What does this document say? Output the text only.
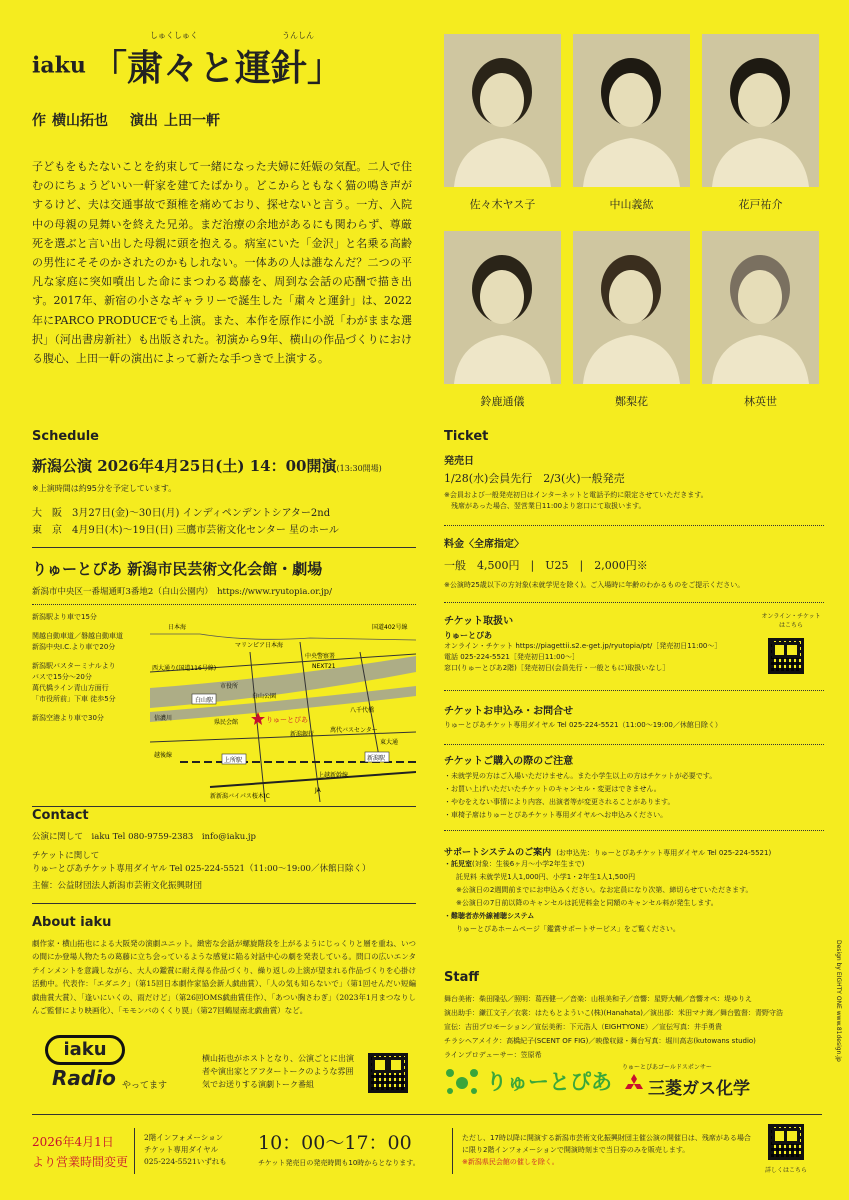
iaku 「粛々と運針」
しゅくしゅく	うんしん
作 横山拓也 演出 上田一軒
子どもをもたないことを約束して一緒になった夫婦に妊娠の気配。二人で住むのにちょうどいい一軒家を建てたばかり。どこからともなく猫の鳴き声がするけど、夫は交通事故で頚椎を痛めており、探せないと言う。一方、入院中の母親の見舞いを終えた兄弟。まだ治療の余地があるにも関わらず、尊厳死を選ぶと言い出した母親に頭を抱える。病室にいた「金沢」と名乗る高齢の男性にそそのかされたのかもしれない。一体あの人は誰なんだ？二つの平凡な家庭に突如噴出した命にまつわる葛藤を、周到な会話の応酬で描き出す。2017年、新宿の小さなギャラリーで誕生した「粛々と運針」は、2022年にPARCO PRODUCEでも上演。また、本作を原作に小説「わがままな選択」（河出書房新社）も出版された。初演から9年、横山の作品づくりにおける腹心、上田一軒の演出によって新たな手つきで上演する。
佐々木ヤス子	中山義紘	花戸祐介
鈴鹿通儀	鄭梨花	林英世
Schedule
新潟公演 2026年4月25日(土) 14：00開演(13:30開場)
※上演時間は約95分を予定しています。
大　阪　 3月27日(金)〜30日(月) インディペンデントシアター2nd
東　京　 4月9日(木)〜19日(日) 三鷹市芸術文化センター 星のホール
りゅーとぴあ 新潟市民芸術文化会館・劇場
新潟市中央区一番堀通町3番地2（白山公園内）　https://www.ryutopia.or.jp/
新潟駅より車で15分
関越自動車道／磐越自動車道
新潟中央I.C.より車で20分
新潟駅バスターミナルより
バスで15分〜20分
萬代橋ライン青山方面行
「市役所前」下車 徒歩5分
新潟空港より車で30分
日本海
マリンピア日本海
国道402号線
中央警察署
NEXT21
西大通り(国道116号線)
市役所
白山公園
白山駅
信濃川	りゅーとぴあ
県民会館
越後線
萬代バスセンター
八千代橋
東大通
上越新幹線
新潟駅
上所駅
新新潟バイパス桜木IC
JA
新潟銀行
Contact
公演に関して　 iaku Tel 080-9759-2383　info@iaku.jp
チケットに関して
りゅーとぴあチケット専用ダイヤル Tel 025-224-5521（11:00〜19:00／休館日除く）
主催：公益財団法人新潟市芸術文化振興財団
About iaku
劇作家・横山拓也による大阪発の演劇ユニット。緻密な会話が螺旋階段を上がるようにじっくりと層を重ね、いつの間にか登場人物たちの葛藤に立ち会っているような感覚に陥る対話中心の劇を発表している。問口の広いエンタテインメントを意識しながら、大人の鑑賞に耐え得る作品づくり、繰り返しの上演が望まれる作品づくりを心掛け活動中。代表作：「エダニク」（第15回日本劇作家協会新人戯曲賞）、「人の気も知らないで」（第1回せんだい短編戯曲賞大賞）、「逢いにいくの、雨だけど」（第26回OMS戯曲賞佳作）、「あつい胸さわぎ」（2023年1月まつなりしんご監督により映画化）、「モモンバのくくり罠」（第27回鶴屋南北戯曲賞）など。
iaku
Radio やってます
横山拓也がホストとなり、公演ごとに出演者や演出家とアフタートークのような雰囲気でお送りする演劇トーク番組
Ticket
発売日
1/28(水)会員先行　2/3(火)一般発売
※会員および一般発売初日はインターネットと電話予約に限定させていただきます。
残席があった場合、翌営業日11:00より窓口にて取扱います。
料金〈全席指定〉
一般　 4,500円　|　U25　|　2,000円※
※公演時25歳以下の方対象(未就学児を除く)。ご入場時に年齢のわかるものをご提示ください。
チケット取扱い
りゅーとぴあ
オンライン・チケット https://piagettii.s2.e-get.jp/ryutopia/pt/［発売初日11:00〜］
電話 025-224-5521［発売初日11:00〜］
窓口(りゅーとぴあ2階)［発売初日(会員先行・一般ともに)取扱いなし］
オンライン・チケットはこちら
チケットお申込み・お問合せ
りゅーとぴあチケット専用ダイヤル Tel 025-224-5521（11:00〜19:00／休館日除く）
チケットご購入の際のご注意
・未就学児の方はご入場いただけません。また小学生以上の方はチケットが必要です。
・お買い上げいただいたチケットのキャンセル・変更はできません。
・やむをえない事情により内容、出演者等が変更されることがあります。
・車椅子席はりゅーとぴあチケット専用ダイヤルへお申込みください。
サポートシステムのご案内 (お申込先：りゅーとぴあチケット専用ダイヤル Tel 025-224-5521)
・託児室(対象：生後6ヶ月〜小学2年生まで)
託児料 未就学児1人1,000円、小学1・2年生1人1,500円
※公演日の2週間前までにお申込みください。なお定員になり次第、締切らせていただきます。
※公演日の7日前以降のキャンセルは託児料金と同額のキャンセル料が発生します。
・難聴者赤外線補聴システム
りゅーとぴあホームページ「鑑賞サポートサービス」をご覧ください。
Staff
舞台美術：柴田隆弘／照明：葛西健一／音楽：山根美和子／音響：星野大輔／音響オペ：堤ゆりえ
演出助手：鎌江文子／衣裳：はたもとよういこ(株)(Hanahata)／演出部：米田マナ海／舞台監督：青野守浩
宣伝：吉田プロモーション／宣伝美術：下元浩人（EIGHTYONE）／宣伝写真：井手勇貴
チラシヘアメイク：高橋紀子(SCENT OF FIG)／映像収録・舞台写真：堀川高志(kutowans studio)
ラインプロデューサー：笠原希	Design by EIGHTY ONE www.81design.jp
りゅーとぴあ
りゅーとぴあゴールドスポンサー
三菱ガス化学
2026年4月1日
より営業時間変更
2階インフォメーション
チケット専用ダイヤル
025-224-5521いずれも
10：00〜17：00
チケット発売日の発売時間も10時からとなります。
ただし、17時以降に開演する新潟市芸術文化振興財団主催公演の開催日は、残席がある場合に限り2階インフォメーションで開演時刻まで当日券のみを販売します。
※新潟県民会館の催しを除く。
詳しくはこちら
